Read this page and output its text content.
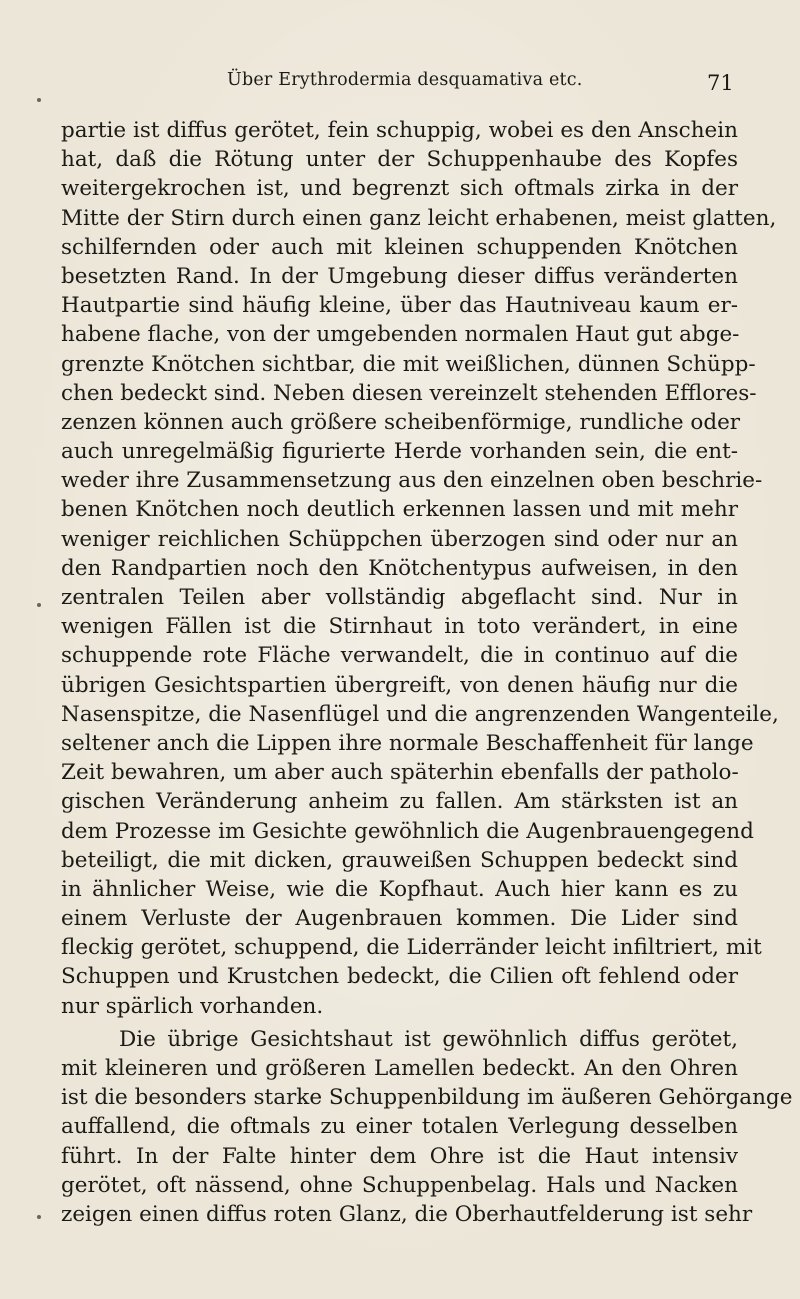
Über Erythrodermia desquamativa etc.	71
partie ist diffus gerötet, fein schuppig, wobei es den Anschein
hat, daß die Rötung unter der Schuppenhaube des Kopfes
weitergekrochen ist, und begrenzt sich oftmals zirka in der
Mitte der Stirn durch einen ganz leicht erhabenen, meist glatten,
schilfernden oder auch mit kleinen schuppenden Knötchen
besetzten Rand. In der Umgebung dieser diffus veränderten
Hautpartie sind häufig kleine, über das Hautniveau kaum er-
habene flache, von der umgebenden normalen Haut gut abge-
grenzte Knötchen sichtbar, die mit weißlichen, dünnen Schüpp-
chen bedeckt sind. Neben diesen vereinzelt stehenden Efflores-
zenzen können auch größere scheibenförmige, rundliche oder
auch unregelmäßig figurierte Herde vorhanden sein, die ent-
weder ihre Zusammensetzung aus den einzelnen oben beschrie-
benen Knötchen noch deutlich erkennen lassen und mit mehr
weniger reichlichen Schüppchen überzogen sind oder nur an
den Randpartien noch den Knötchentypus aufweisen, in den
zentralen Teilen aber vollständig abgeflacht sind. Nur in
wenigen Fällen ist die Stirnhaut in toto verändert, in eine
schuppende rote Fläche verwandelt, die in continuo auf die
übrigen Gesichtspartien übergreift, von denen häufig nur die
Nasenspitze, die Nasenflügel und die angrenzenden Wangenteile,
seltener anch die Lippen ihre normale Beschaffenheit für lange
Zeit bewahren, um aber auch späterhin ebenfalls der patholo-
gischen Veränderung anheim zu fallen. Am stärksten ist an
dem Prozesse im Gesichte gewöhnlich die Augenbrauengegend
beteiligt, die mit dicken, grauweißen Schuppen bedeckt sind
in ähnlicher Weise, wie die Kopfhaut. Auch hier kann es zu
einem Verluste der Augenbrauen kommen. Die Lider sind
fleckig gerötet, schuppend, die Liderränder leicht infiltriert, mit
Schuppen und Krustchen bedeckt, die Cilien oft fehlend oder
nur spärlich vorhanden.
Die übrige Gesichtshaut ist gewöhnlich diffus gerötet,
mit kleineren und größeren Lamellen bedeckt. An den Ohren
ist die besonders starke Schuppenbildung im äußeren Gehörgange
auffallend, die oftmals zu einer totalen Verlegung desselben
führt. In der Falte hinter dem Ohre ist die Haut intensiv
gerötet, oft nässend, ohne Schuppenbelag. Hals und Nacken
zeigen einen diffus roten Glanz, die Oberhautfelderung ist sehr
